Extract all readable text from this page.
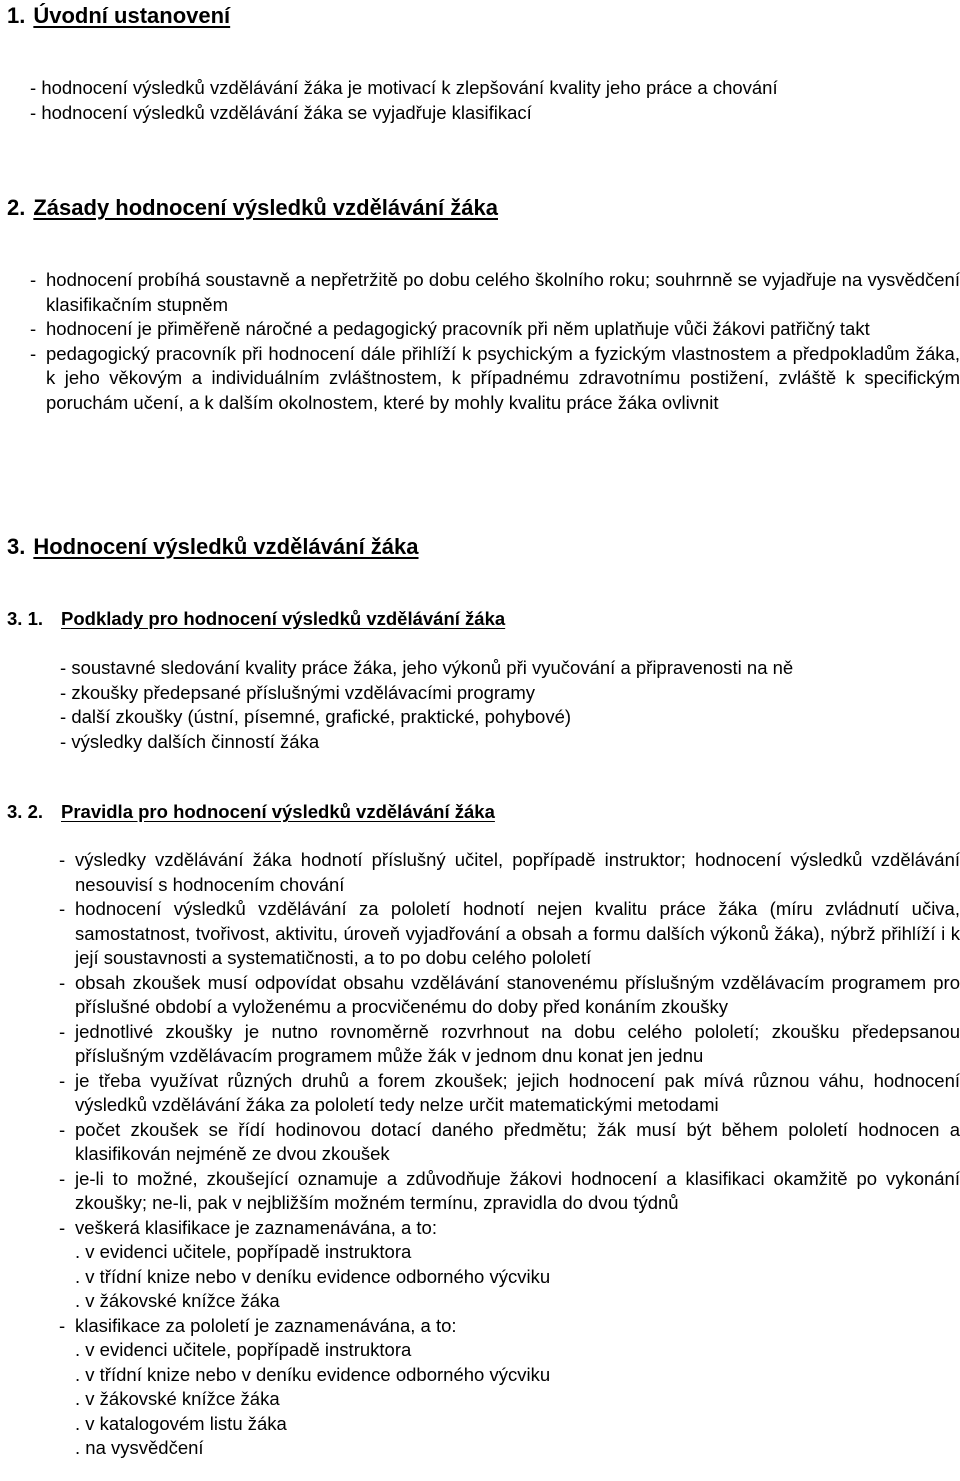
1. Úvodní ustanovení
- hodnocení výsledků vzdělávání žáka je motivací k zlepšování kvality jeho práce a chování
- hodnocení výsledků vzdělávání žáka se vyjadřuje klasifikací
2. Zásady hodnocení výsledků vzdělávání žáka
- hodnocení probíhá soustavně a nepřetržitě po dobu celého školního roku; souhrnně se vyjadřuje na vysvědčení klasifikačním stupněm
- hodnocení je přiměřeně náročné a pedagogický pracovník při něm uplatňuje vůči žákovi patřičný takt
- pedagogický pracovník při hodnocení dále přihlíží k psychickým a fyzickým vlastnostem a předpokladům žáka, k jeho věkovým a individuálním zvláštnostem, k případnému zdravotnímu postižení, zvláště k specifickým poruchám učení, a k dalším okolnostem, které by mohly kvalitu práce žáka ovlivnit
3. Hodnocení výsledků vzdělávání žáka
3. 1. Podklady pro hodnocení výsledků vzdělávání žáka
- soustavné sledování kvality práce žáka, jeho výkonů při vyučování a připravenosti na ně
- zkoušky předepsané příslušnými vzdělávacími programy
- další zkoušky (ústní, písemné, grafické, praktické, pohybové)
- výsledky dalších činností žáka
3. 2. Pravidla pro hodnocení výsledků vzdělávání žáka
- výsledky vzdělávání žáka hodnotí příslušný učitel, popřípadě instruktor; hodnocení výsledků vzdělávání nesouvisí s hodnocením chování
- hodnocení výsledků vzdělávání za pololetí hodnotí nejen kvalitu práce žáka (míru zvládnutí učiva, samostatnost, tvořivost, aktivitu, úroveň vyjadřování a obsah a formu dalších výkonů žáka), nýbrž přihlíží i k její soustavnosti a systematičnosti, a to po dobu celého pololetí
- obsah zkoušek musí odpovídat obsahu vzdělávání stanovenému příslušným vzdělávacím programem pro příslušné období a vyloženému a procvičenému do doby před konáním zkoušky
- jednotlivé zkoušky je nutno rovnoměrně rozvrhnout na dobu celého pololetí; zkoušku předepsanou příslušným vzdělávacím programem může žák v jednom dnu konat jen jednu
- je třeba využívat různých druhů a forem zkoušek; jejich hodnocení pak mívá různou váhu, hodnocení výsledků vzdělávání žáka za pololetí tedy nelze určit matematickými metodami
- počet zkoušek se řídí hodinovou dotací daného předmětu; žák musí být během pololetí hodnocen a klasifikován nejméně ze dvou zkoušek
- je-li to možné, zkoušející oznamuje a zdůvodňuje žákovi hodnocení a klasifikaci okamžitě po vykonání zkoušky; ne-li, pak v nejbližším možném termínu, zpravidla do dvou týdnů
- veškerá klasifikace je zaznamenávána, a to:
. v evidenci učitele, popřípadě instruktora
. v třídní knize nebo v deníku evidence odborného výcviku
. v žákovské knížce žáka
- klasifikace za pololetí je zaznamenávána, a to:
. v evidenci učitele, popřípadě instruktora
. v třídní knize nebo v deníku evidence odborného výcviku
. v žákovské knížce žáka
. v katalogovém listu žáka
. na vysvědčení
